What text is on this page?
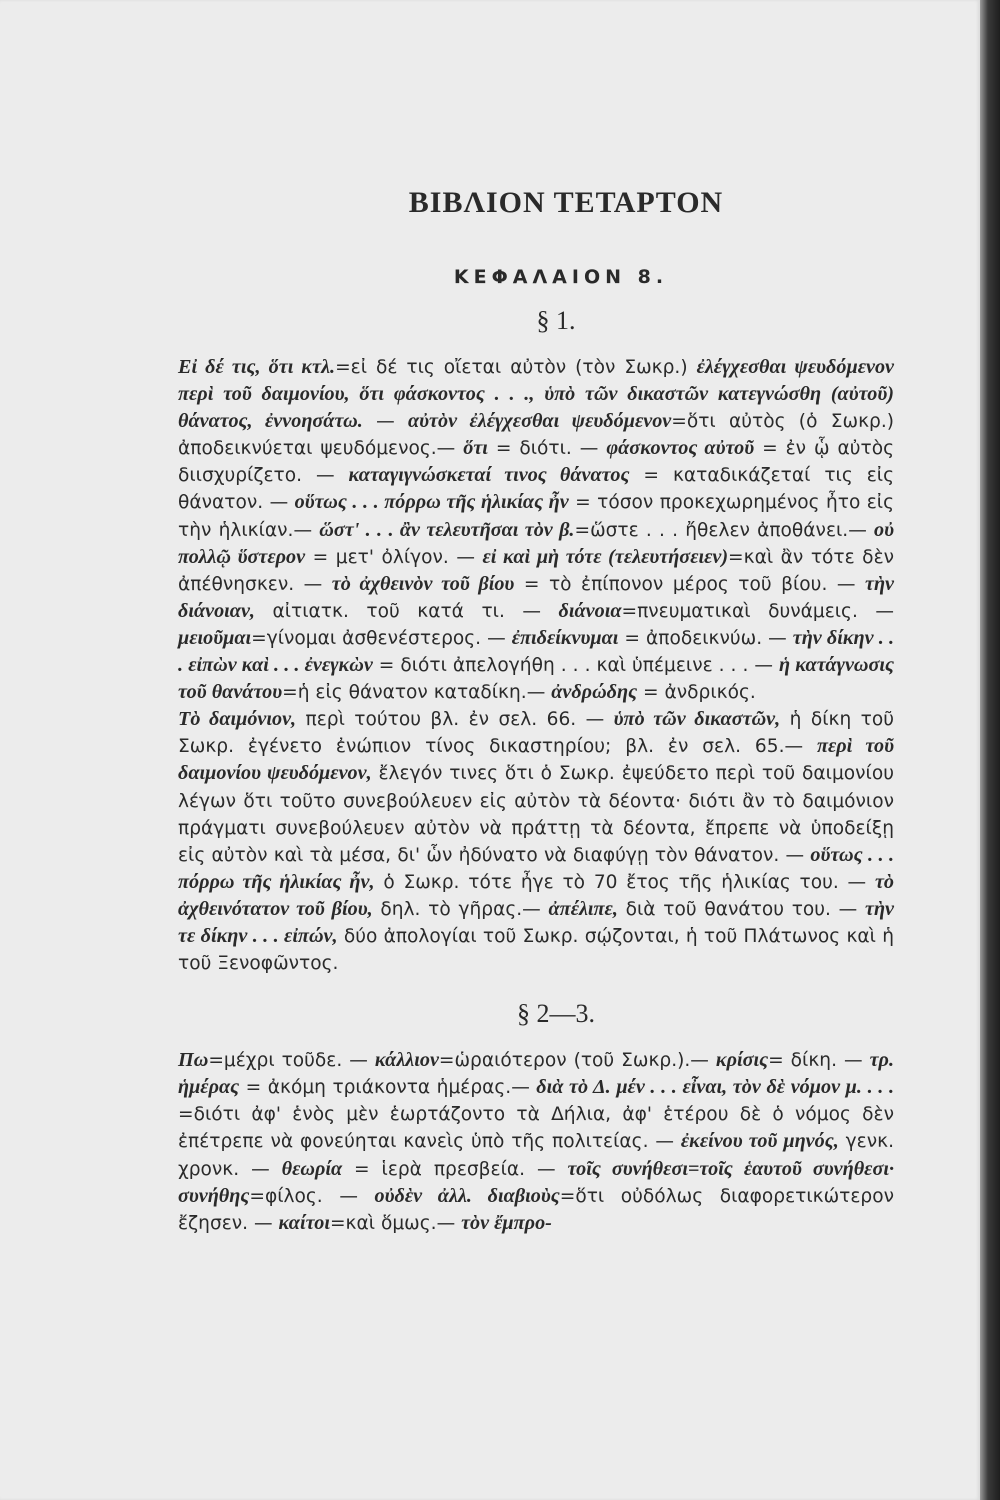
ΒΙΒΛΙΟΝ ΤΕΤΑΡΤΟΝ
ΚΕΦΑΛΑΙΟΝ 8.
§ 1.

Εἰ δέ τις, ὅτι κτλ.=εἰ δέ τις οἴεται αὐτὸν (τὸν Σωκρ.) ἐλέγχεσθαι ψευδόμενον περὶ τοῦ δαιμονίου, ὅτι φάσκοντος . . ., ὑπὸ τῶν δικαστῶν κατεγνώσθη (αὐτοῦ) θάνατος, ἐννοησάτω. — αὐτὸν ἐλέγχεσθαι ψευδόμενον=ὅτι αὐτὸς (ὁ Σωκρ.) ἀποδεικνύεται ψευδόμενος.— ὅτι = διότι. — φάσκοντος αὐτοῦ = ἐν ᾧ αὐτὸς διισχυρίζετο. — καταγιγνώσκεταί τινος θάνατος = καταδικάζεταί τις εἰς θάνατον. — οὕτως . . . πόρρω τῆς ἡλικίας ἦν = τόσον προκεχωρημένος ἦτο εἰς τὴν ἡλικίαν.— ὥστ' . . . ἂν τελευτῆσαι τὸν β.=ὥστε . . . ἤθελεν ἀποθάνει.— οὐ πολλῷ ὕστερον = μετ' ὀλίγον. — εἰ καὶ μὴ τότε (τελευτήσειεν)=καὶ ἂν τότε δὲν ἀπέθνησκεν. — τὸ ἀχθεινὸν τοῦ βίου = τὸ ἐπίπονον μέρος τοῦ βίου. — τὴν διάνοιαν, αἰτιατκ. τοῦ κατά τι. — διάνοια=πνευματικαὶ δυνάμεις. — μειοῦμαι=γίνομαι ἀσθενέστερος. — ἐπιδείκνυμαι = ἀποδεικνύω. — τὴν δίκην . . . εἰπὼν καὶ . . . ἐνεγκὼν = διότι ἀπελογήθη . . . καὶ ὑπέμεινε . . . — ἡ κατάγνωσις τοῦ θανάτου=ἡ εἰς θάνατον καταδίκη.— ἀνδρώδης = ἀνδρικός.

Τὸ δαιμόνιον, περὶ τούτου βλ. ἐν σελ. 66. — ὑπὸ τῶν δικαστῶν, ἡ δίκη τοῦ Σωκρ. ἐγένετο ἐνώπιον τίνος δικαστηρίου; βλ. ἐν σελ. 65.— περὶ τοῦ δαιμονίου ψευδόμενον, ἔλεγόν τινες ὅτι ὁ Σωκρ. ἐψεύδετο περὶ τοῦ δαιμονίου λέγων ὅτι τοῦτο συνεβούλευεν εἰς αὐτὸν τὰ δέοντα· διότι ἂν τὸ δαιμόνιον πράγματι συνεβούλευεν αὐτὸν νὰ πράττῃ τὰ δέοντα, ἔπρεπε νὰ ὑποδείξῃ εἰς αὐτὸν καὶ τὰ μέσα, δι' ὧν ἠδύνατο νὰ διαφύγῃ τὸν θάνατον. — οὕτως . . . πόρρω τῆς ἡλικίας ἦν, ὁ Σωκρ. τότε ἦγε τὸ 70 ἔτος τῆς ἡλικίας του. — τὸ ἀχθεινότατον τοῦ βίου, δηλ. τὸ γῆρας.— ἀπέλιπε, διὰ τοῦ θανάτου του. — τὴν τε δίκην . . . εἰπών, δύο ἀπολογίαι τοῦ Σωκρ. σῴζονται, ἡ τοῦ Πλάτωνος καὶ ἡ τοῦ Ξενοφῶντος.

§ 2—3.

Πω=μέχρι τοῦδε. — κάλλιον=ὡραιότερον (τοῦ Σωκρ.).— κρίσις= δίκη. — τρ. ἡμέρας = ἀκόμη τριάκοντα ἡμέρας.— διὰ τὸ Δ. μέν . . . εἶναι, τὸν δὲ νόμον μ. . . . =διότι ἀφ' ἑνὸς μὲν ἑωρτάζοντο τὰ Δήλια, ἀφ' ἑτέρου δὲ ὁ νόμος δὲν ἐπέτρεπε νὰ φονεύηται κανεὶς ὑπὸ τῆς πολιτείας. — ἐκείνου τοῦ μηνός, γενκ. χρονκ. — θεωρία = ἱερὰ πρεσβεία. — τοῖς συνήθεσι=τοῖς ἑαυτοῦ συνήθεσι· συνήθης=φίλος. — οὐδὲν ἀλλ. διαβιοὺς=ὅτι οὐδόλως διαφορετικώτερον ἔζησεν. — καίτοι=καὶ ὅμως.— τὸν ἔμπρο-
